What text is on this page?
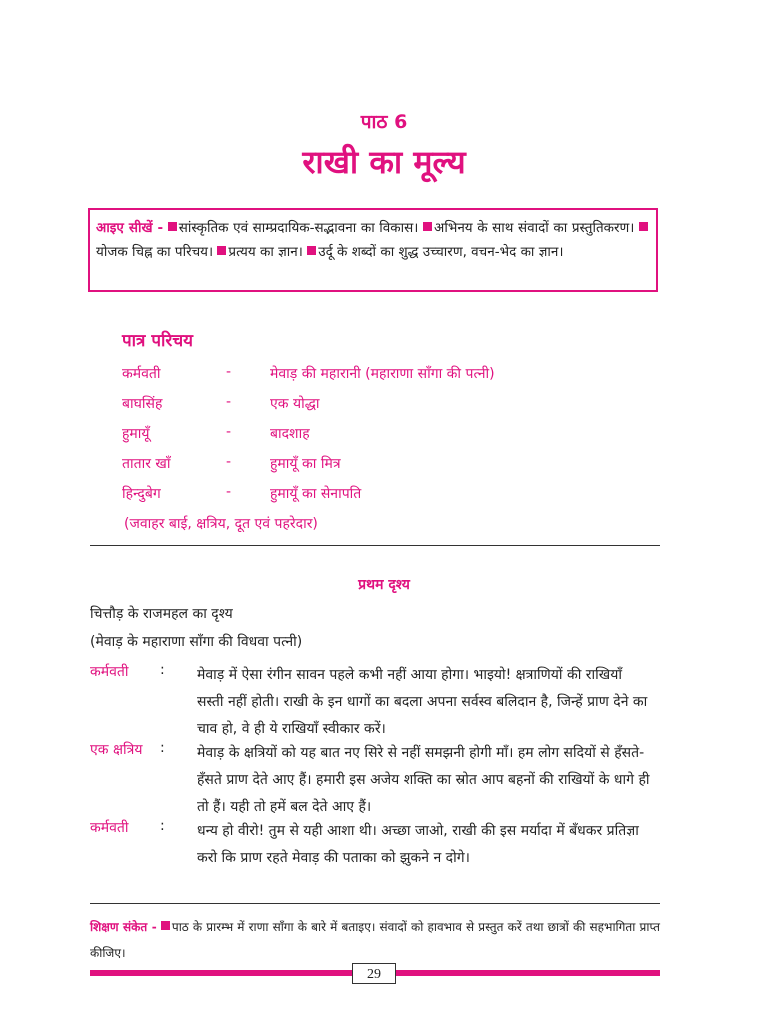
पाठ 6
राखी का मूल्य
आइए सीखें - सांस्कृतिक एवं साम्प्रदायिक-सद्भावना का विकास। अभिनय के साथ संवादों का प्रस्तुतिकरण। योजक चिह्न का परिचय। प्रत्यय का ज्ञान। उर्दू के शब्दों का शुद्ध उच्चारण, वचन-भेद का ज्ञान।
पात्र परिचय
कर्मवती	-	मेवाड़ की महारानी (महाराणा साँगा की पत्नी)
बाघसिंह	-	एक योद्धा
हुमायूँ	-	बादशाह
तातार खाँ	-	हुमायूँ का मित्र
हिन्दुबेग	-	हुमायूँ का सेनापति
(जवाहर बाई, क्षत्रिय, दूत एवं पहरेदार)
प्रथम दृश्य
चित्तौड़ के राजमहल का दृश्य
(मेवाड़ के महाराणा साँगा की विधवा पत्नी)
कर्मवती : मेवाड़ में ऐसा रंगीन सावन पहले कभी नहीं आया होगा। भाइयो! क्षत्राणियों की राखियाँ
सस्ती नहीं होती। राखी के इन धागों का बदला अपना सर्वस्व बलिदान है, जिन्हें प्राण देने का
चाव हो, वे ही ये राखियाँ स्वीकार करें।
एक क्षत्रिय : मेवाड़ के क्षत्रियों को यह बात नए सिरे से नहीं समझनी होगी माँ। हम लोग सदियों से हँसते-
हँसते प्राण देते आए हैं। हमारी इस अजेय शक्ति का स्रोत आप बहनों की राखियों के धागे ही
तो हैं। यही तो हमें बल देते आए हैं।
कर्मवती : धन्य हो वीरो! तुम से यही आशा थी। अच्छा जाओ, राखी की इस मर्यादा में बँधकर प्रतिज्ञा
करो कि प्राण रहते मेवाड़ की पताका को झुकने न दोगे।
शिक्षण संकेत - पाठ के प्रारम्भ में राणा साँगा के बारे में बताइए। संवादों को हावभाव से प्रस्तुत करें तथा छात्रों की सहभागिता प्राप्त कीजिए।
29
